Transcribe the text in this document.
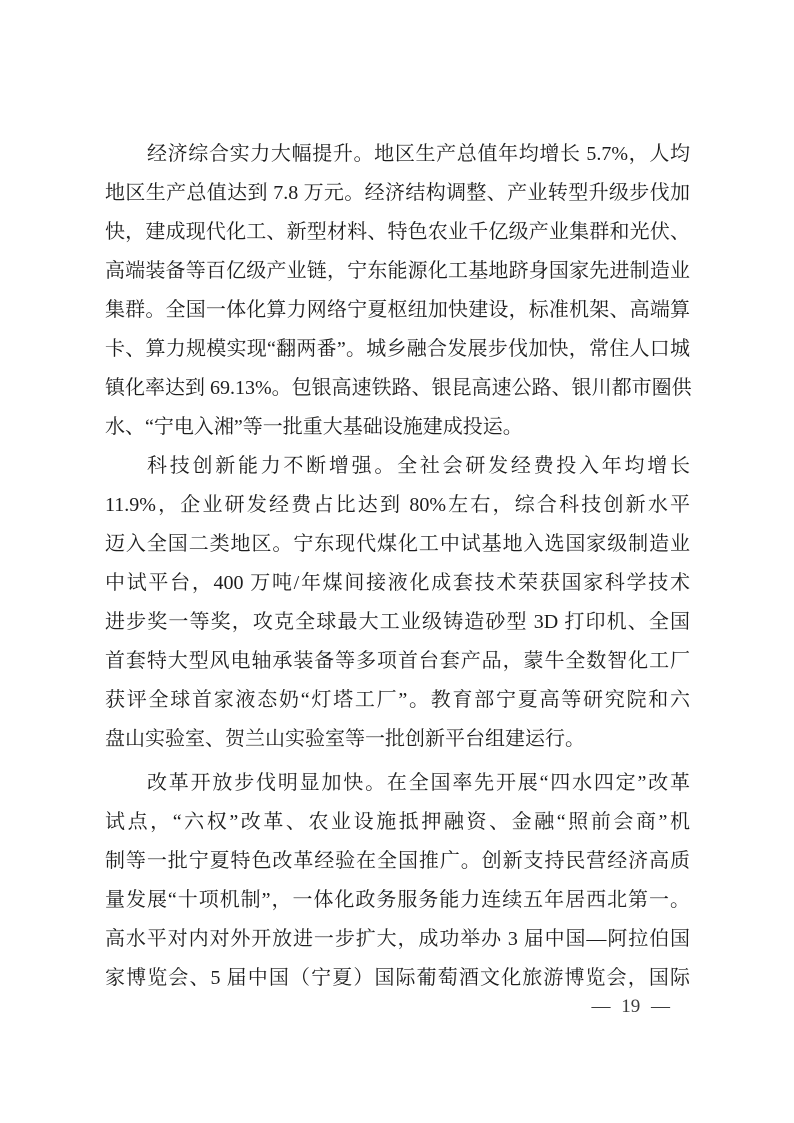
经济综合实力大幅提升。地区生产总值年均增长 5.7%，人均
地区生产总值达到 7.8 万元。经济结构调整、产业转型升级步伐加
快，建成现代化工、新型材料、特色农业千亿级产业集群和光伏、
高端装备等百亿级产业链，宁东能源化工基地跻身国家先进制造业
集群。全国一体化算力网络宁夏枢纽加快建设，标准机架、高端算
卡、算力规模实现“翻两番”。城乡融合发展步伐加快，常住人口城
镇化率达到 69.13%。包银高速铁路、银昆高速公路、银川都市圈供
水、“宁电入湘”等一批重大基础设施建成投运。
科技创新能力不断增强。全社会研发经费投入年均增长
11.9%，企业研发经费占比达到 80%左右，综合科技创新水平
迈入全国二类地区。宁东现代煤化工中试基地入选国家级制造业
中试平台，400 万吨/年煤间接液化成套技术荣获国家科学技术
进步奖一等奖，攻克全球最大工业级铸造砂型 3D 打印机、全国
首套特大型风电轴承装备等多项首台套产品，蒙牛全数智化工厂
获评全球首家液态奶“灯塔工厂”。教育部宁夏高等研究院和六
盘山实验室、贺兰山实验室等一批创新平台组建运行。
改革开放步伐明显加快。在全国率先开展“四水四定”改革
试点，“六权”改革、农业设施抵押融资、金融“照前会商”机
制等一批宁夏特色改革经验在全国推广。创新支持民营经济高质
量发展“十项机制”，一体化政务服务能力连续五年居西北第一。
高水平对内对外开放进一步扩大，成功举办 3 届中国—阿拉伯国
家博览会、5 届中国（宁夏）国际葡萄酒文化旅游博览会，国际
— 19 —
